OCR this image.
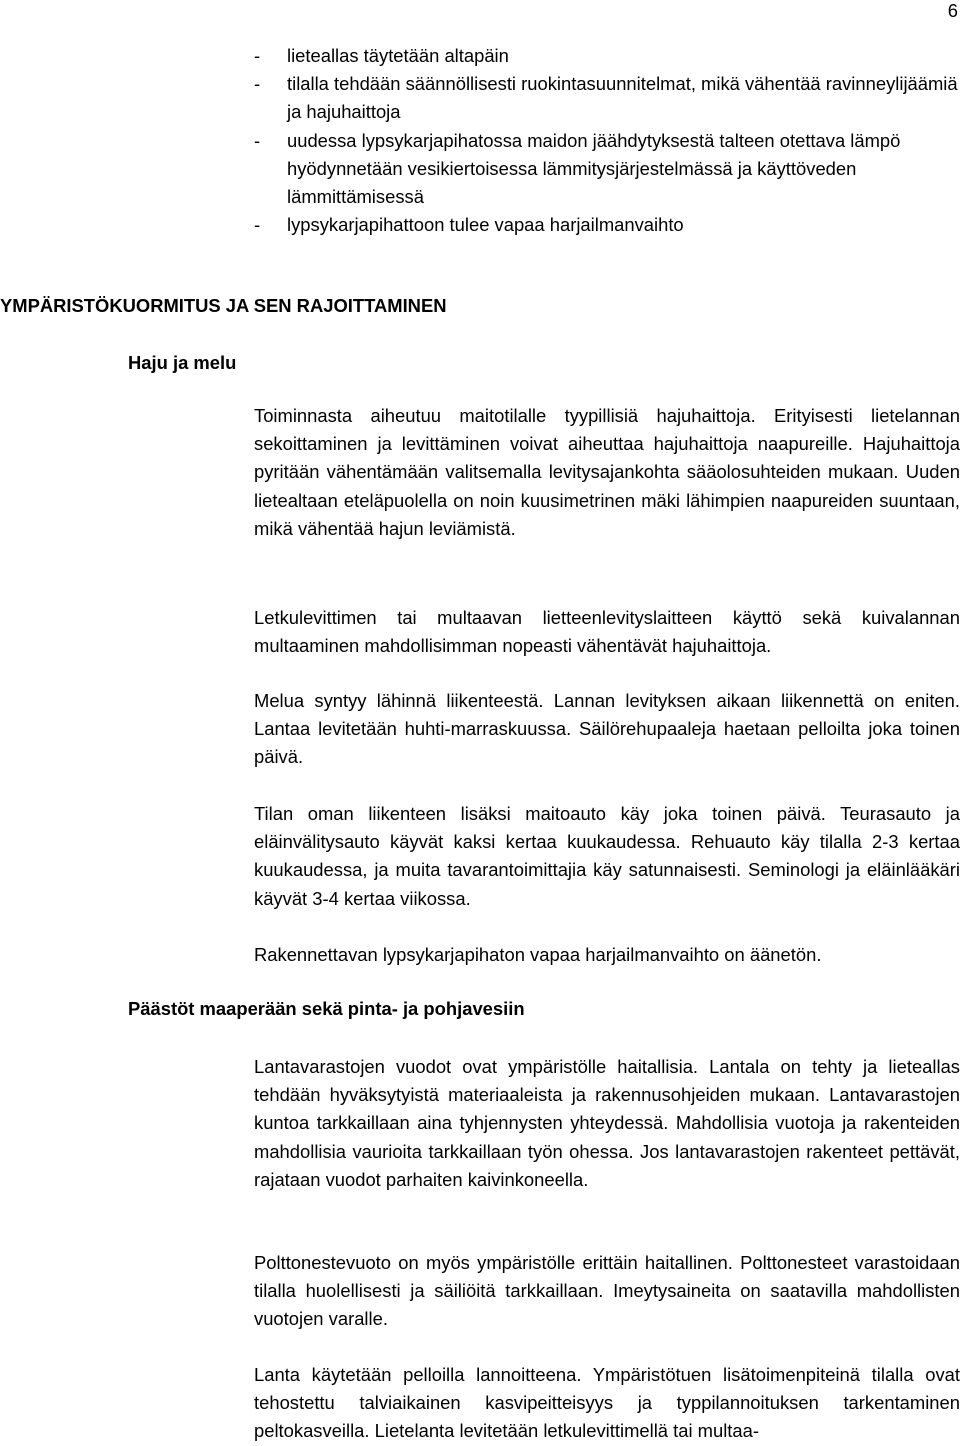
6
- lieteallas täytetään altapäin
- tilalla tehdään säännöllisesti ruokintasuunnitelmat, mikä vähentää ravinneylijäämiä ja hajuhaittoja
- uudessa lypsykarjapihatossa maidon jäähdytyksestä talteen otettava lämpö hyödynnetään vesikiertoisessa lämmitysjärjestelmässä ja käyttöveden lämmittämisessä
- lypsykarjapihattoon tulee vapaa harjailmanvaihto
YMPÄRISTÖKUORMITUS JA SEN RAJOITTAMINEN
Haju ja melu

Toiminnasta aiheutuu maitotilalle tyypillisiä hajuhaittoja. Erityisesti lietelannan sekoittaminen ja levittäminen voivat aiheuttaa hajuhaittoja naapureille. Hajuhaittoja pyritään vähentämään valitsemalla levitysajankohta sääolosuhteiden mukaan. Uuden lietealtaan eteläpuolella on noin kuusimetrinen mäki lähimpien naapureiden suuntaan, mikä vähentää hajun leviämistä.

Letkulevittimen tai multaavan lietteenlevityslaitteen käyttö sekä kuivalannan multaaminen mahdollisimman nopeasti vähentävät hajuhaittoja.

Melua syntyy lähinnä liikenteestä. Lannan levityksen aikaan liikennettä on eniten. Lantaa levitetään huhti-marraskuussa. Säilörehupaaleja haetaan pelloilta joka toinen päivä.

Tilan oman liikenteen lisäksi maitoauto käy joka toinen päivä. Teurasauto ja eläinvälitysauto käyvät kaksi kertaa kuukaudessa. Rehuauto käy tilalla 2-3 kertaa kuukaudessa, ja muita tavarantoimittajia käy satunnaisesti. Seminologi ja eläinlääkäri käyvät 3-4 kertaa viikossa.

Rakennettavan lypsykarjapihaton vapaa harjailmanvaihto on äänetön.

Päästöt maaperään sekä pinta- ja pohjavesiin

Lantavarastojen vuodot ovat ympäristölle haitallisia. Lantala on tehty ja lieteallas tehdään hyväksytyistä materiaaleista ja rakennusohjeiden mukaan. Lantavarastojen kuntoa tarkkaillaan aina tyhjennysten yhteydessä. Mahdollisia vuotoja ja rakenteiden mahdollisia vaurioita tarkkaillaan työn ohessa. Jos lantavarastojen rakenteet pettävät, rajataan vuodot parhaiten kaivinkoneella.

Polttonestevuoto on myös ympäristölle erittäin haitallinen. Polttonesteet varastoidaan tilalla huolellisesti ja säiliöitä tarkkaillaan. Imeytysaineita on saatavilla mahdollisten vuotojen varalle.

Lanta käytetään pelloilla lannoitteena. Ympäristötuen lisätoimenpiteinä tilalla ovat tehostettu talviaikainen kasvipeitteisyys ja typpilannoituksen tarkentaminen peltokasveilla. Lietelanta levitetään letkulevittimellä tai multaa-
